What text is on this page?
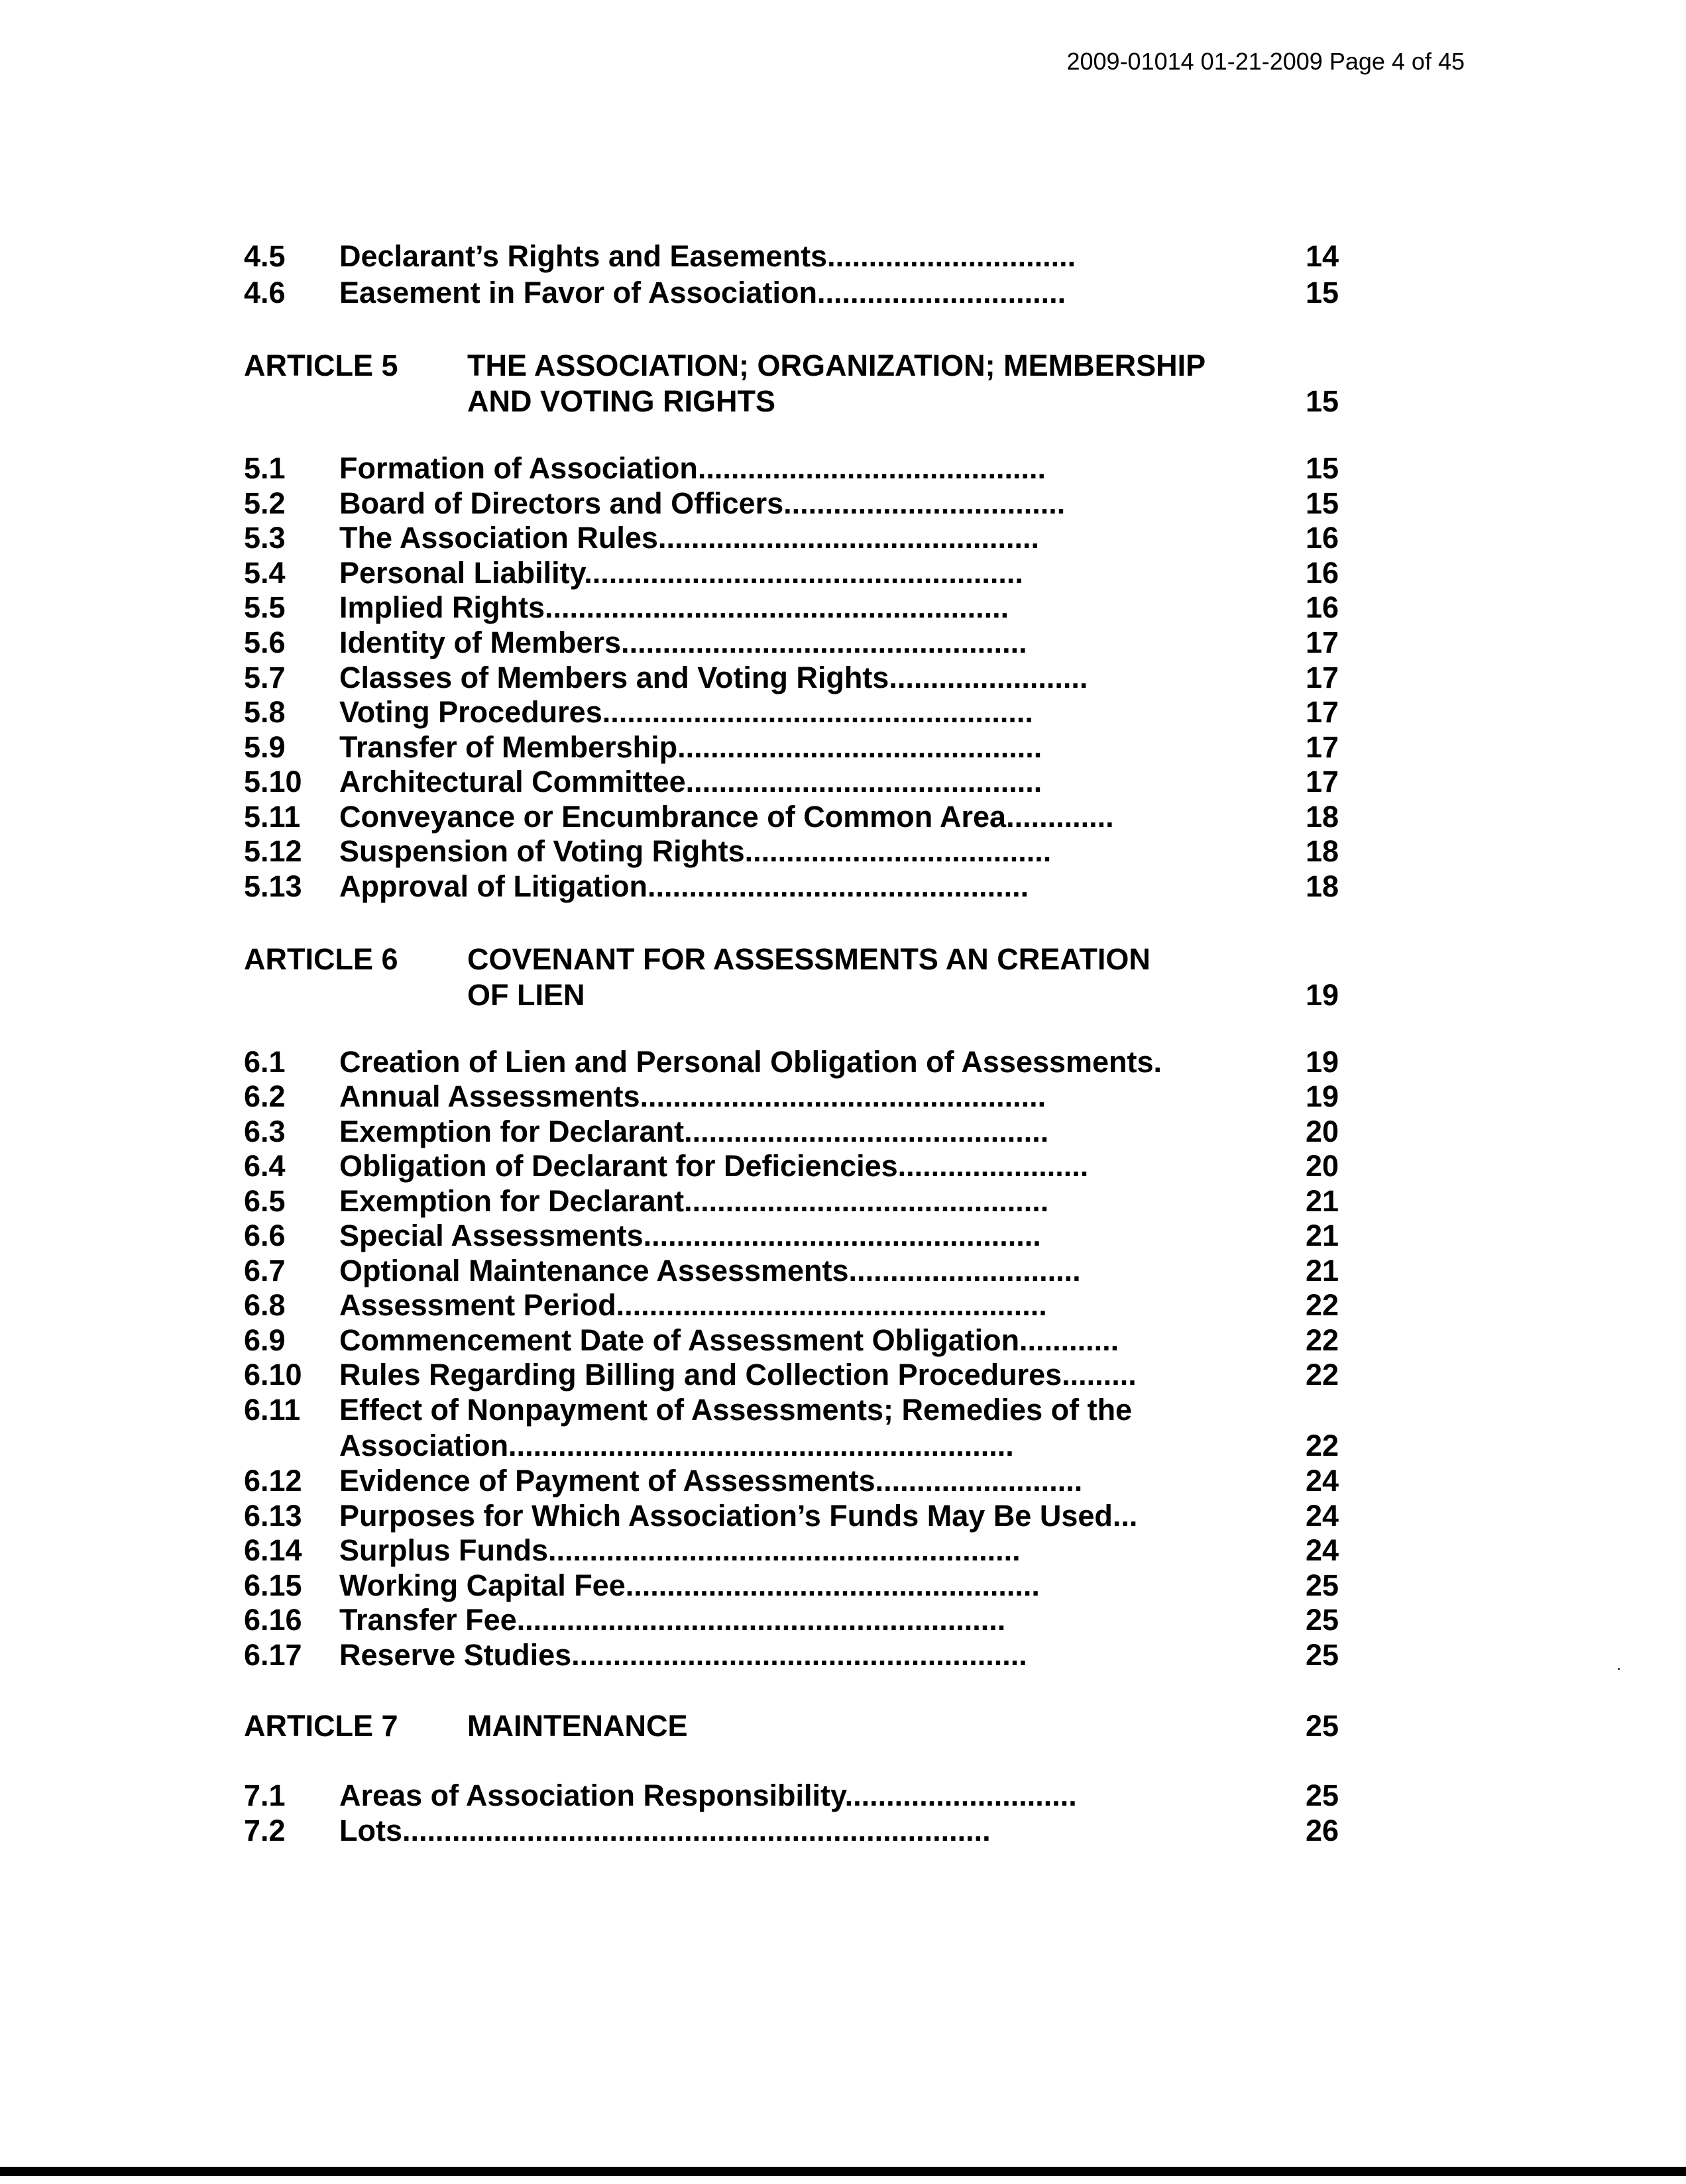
2009-01014 01-21-2009 Page 4 of 45
4.5 Declarant’s Rights and Easements..............................	14
4.6 Easement in Favor of Association..............................	15
ARTICLE 5 THE ASSOCIATION; ORGANIZATION; MEMBERSHIP
AND VOTING RIGHTS	15
5.1 Formation of Association..........................................	15
5.2 Board of Directors and Officers..................................	15
5.3 The Association Rules..............................................	16
5.4 Personal Liability.....................................................	16
5.5 Implied Rights........................................................	16
5.6 Identity of Members.................................................	17
5.7 Classes of Members and Voting Rights........................	17
5.8 Voting Procedures....................................................	17
5.9 Transfer of Membership............................................	17
5.10 Architectural Committee...........................................	17
5.11 Conveyance or Encumbrance of Common Area.............	18
5.12 Suspension of Voting Rights.....................................	18
5.13 Approval of Litigation..............................................	18
ARTICLE 6 COVENANT FOR ASSESSMENTS AN CREATION
OF LIEN	19
6.1 Creation of Lien and Personal Obligation of Assessments.	19
6.2 Annual Assessments.................................................	19
6.3 Exemption for Declarant............................................	20
6.4 Obligation of Declarant for Deficiencies.......................	20
6.5 Exemption for Declarant............................................	21
6.6 Special Assessments................................................	21
6.7 Optional Maintenance Assessments............................	21
6.8 Assessment Period....................................................	22
6.9 Commencement Date of Assessment Obligation............	22
6.10 Rules Regarding Billing and Collection Procedures.........	22
6.11 Effect of Nonpayment of Assessments; Remedies of the
Association.............................................................	22
6.12 Evidence of Payment of Assessments.........................	24
6.13 Purposes for Which Association’s Funds May Be Used...	24
6.14 Surplus Funds.........................................................	24
6.15 Working Capital Fee..................................................	25
6.16 Transfer Fee...........................................................	25
6.17 Reserve Studies.......................................................	25
ARTICLE 7 MAINTENANCE	25
7.1 Areas of Association Responsibility............................	25
7.2 Lots.......................................................................	26
